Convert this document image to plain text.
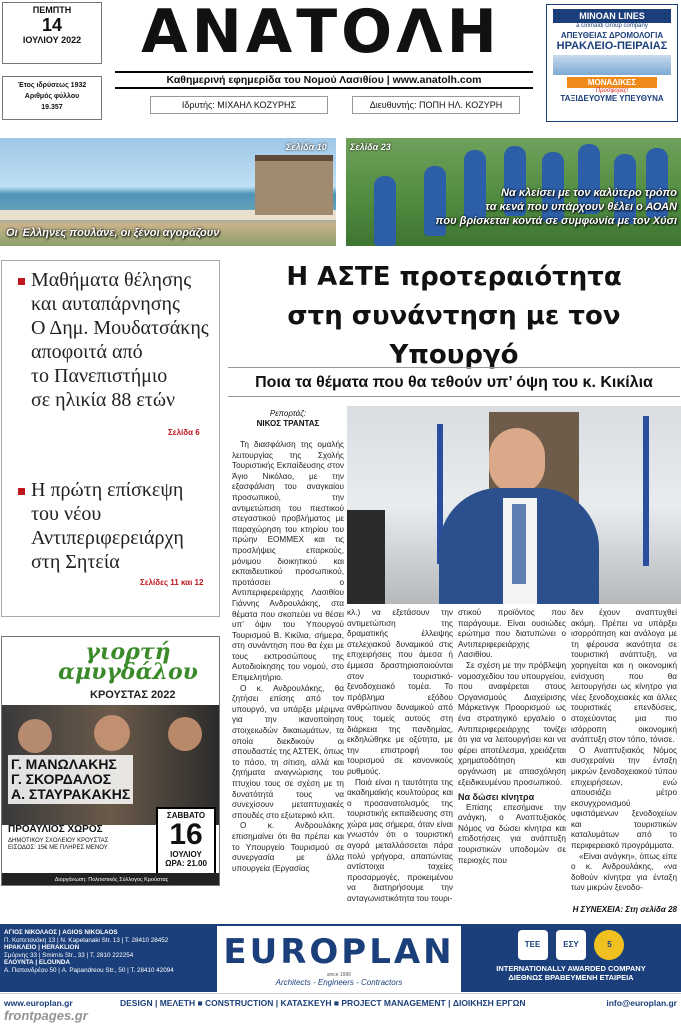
ΠΕΜΠΤΗ
14
ΙΟΥΛΙΟΥ 2022
Έτος ιδρύσεως 1932
Αριθμός φύλλου
19.357
ΑΝΑΤΟΛΗ
Καθημερινή εφημερίδα του Νομού Λασιθίου | www.anatolh.com
Ιδρυτής: ΜΙΧΑΗΛ ΚΟΖΥΡΗΣ	Διευθυντής: ΠΟΠΗ ΗΛ. ΚΟΖΥΡΗ
MINOAN LINES
a Grimaldi Group company
ΑΠΕΥΘΕΙΑΣ ΔΡΟΜΟΛΟΓΙΑ
ΗΡΑΚΛΕΙΟ-ΠΕΙΡΑΙΑΣ
ΜΟΝΑΔΙΚΕΣ
Προσφορές!
ΤΑΞΙΔΕΥΟΥΜΕ ΥΠΕΥΘΥΝΑ
Σελίδα 10
Οι Έλληνες πουλάνε, οι ξένοι αγοράζουν
Σελίδα 23
Να κλείσει με τον καλύτερο τρόπο
τα κενά που υπάρχουν θέλει ο ΑΟΑΝ
που βρίσκεται κοντά σε συμφωνία με τον Χύσι
Μαθήματα θέλησης
και αυταπάρνησης
Ο Δημ. Μουδατσάκης
αποφοιτά από
το Πανεπιστήμιο
σε ηλικία 88 ετών
Σελίδα 6
Η πρώτη επίσκεψη
του νέου
Αντιπεριφερειάρχη
στη Σητεία
Σελίδες 11 και 12
Η ΑΣΤΕ προτεραιότητα
στη συνάντηση με τον Υπουργό
Ποια τα θέματα που θα τεθούν υπ’ όψη του κ. Κικίλια
Ρεπορτάζ:
ΝΙΚΟΣ ΤΡΑΝΤΑΣ

Τη διασφάλιση της ομαλής λειτουργίας της Σχολής Τουριστικής Εκπαίδευσης στον Άγιο Νικόλαο, με την εξασφάλιση του αναγκαίου προσωπικού, την αντιμετώπιση του πιεστικού στεγαστικού προβλήματος με παραχώρηση του κτηρίου του πρώην ΕΟΜΜΕΧ και τις προσλήψεις επαρκούς, μόνιμου διοικητικού και εκπαιδευτικού προσωπικού, προτάσσει ο Αντιπεριφερειάρχης Λασιθίου Γιάννης Ανδρουλάκης, στα θέματα που σκοπεύει να θέσει υπ’ όψιν του Υπουργού Τουρισμού Β. Κικίλια, σήμερα, στη συνάντηση που θα έχει με τους εκπροσώπους της Αυτοδιοίκησης του νομού, στο Επιμελητήριο.

Ο κ. Ανδρουλάκης, θα ζητήσει επίσης από τον υπουργό, να υπάρξει μέριμνα για την ικανοποίηση στοιχειωδών δικαιωμάτων, τα οποία διεκδικούν οι σπουδαστές της ΑΣΤΕΚ, όπως το πάσο, τη σίτιση, αλλά και ζητήματα αναγνώρισης του πτυχίου τους σε σχέση με τη δυνατότητά τους να συνεχίσουν μεταπτυχιακές σπουδές στο εξωτερικό κλπ.

Ο κ. Ανδρουλάκης επισημαίνει ότι θα πρέπει και το Υπουργείο Τουρισμού σε συνεργασία με άλλα υπουργεία (Εργασίας

κλ.) να εξετάσουν την αντιμετώπιση της δραματικής έλλειψης στελεχιακού δυναμικού στις επιχειρήσεις που άμεσα ή έμμεσα δραστηριοποιούνται στον τουριστικό- ξενοδοχειακό τομέα. Το πρόβλημα εξόδου ανθρώπινου δυναμικού από τους τομείς αυτούς στη διάρκεια της πανδημίας, εκδηλώθηκε με οξύτητα, με την επιστροφή του τουρισμού σε κανονικούς ρυθμούς.

Ποιά είναι η ταυτότητα της ακαδημαϊκής κουλτούρας και ο προσανατολισμός της τουριστικής εκπαίδευσης στη χώρα μας σήμερα, όταν είναι γνωστόν ότι ο τουριστική αγορά μεταλλάσσεται πάρα πολύ γρήγορα, απαιτώντας αντίστοιχα ταχείες προσαρμογές, προκειμένου να διατηρήσουμε την ανταγωνιστικότητα του τουρι-

στικού προϊόντος που παράγουμε. Είναι ουσιώδες ερώτημα που διατυπώνει ο Αντιπεριφερειάρχης Λασιθίου.

Σε σχέση με την πρόβλεψη νομοσχεδίου του υπουργείου, που αναφέρεται στους Οργανισμούς Διαχείρισης Μάρκετινγκ Προορισμού ως ένα στρατηγικό εργαλείο ο Αντιπεριφερειάρχης τονίζει ότι για να λειτουργήσει και να φέρει αποτέλεσμα, χρειάζεται χρηματοδότηση και οργάνωση με απασχόληση εξειδικευμένου προσωπικού.

Να δώσει κίνητρα

Επίσης επεσήμανε την ανάγκη, ο Αναπτυξιακός Νόμος να δώσει κίνητρα και επιδοτήσεις για ανάπτυξη τουριστικών υποδομών σε περιοχές που

δεν έχουν αναπτυχθεί ακόμη. Πρέπει να υπάρξει ισορρόπηση και ανάλογα με τη φέρουσα ικανότητα σε τουριστική ανάπτυξη, να χορηγείται και η οικονομική ενίσχυση που θα λειτουργήσει ως κίνητρο για νέες ξενοδοχειακές και άλλες τουριστικές επενδύσεις, στοχεύοντας μια πιο ισόρροπη οικονομική ανάπτυξη στον τόπο, τόνισε.

Ο Αναπτυξιακός Νόμος συσχεραίνει την ένταξη μικρών ξενοδοχειακού τύπου επιχειρήσεων, ενώ απουσιάζει μέτρο εκσυγχρονισμού υφιστάμενων ξενοδοχείων και τουριστικών καταλυμάτων από το περιφερειακό προγράμματα.

«Είναι ανάγκη», όπως είπε ο κ. Ανδρουλάκης, «να δοθούν κίνητρα για ένταξη των μικρών ξενοδο-

Η ΣΥΝΕΧΕΙΑ: Στη σελίδα 28
γιορτή
αμυγδάλου
ΚΡΟΥΣΤΑΣ 2022
Γ. ΜΑΝΩΛΑΚΗΣ
Γ. ΣΚΟΡΔΑΛΟΣ
Α. ΣΤΑΥΡΑΚΑΚΗΣ
ΠΡΟΑΥΛΙΟΣ ΧΩΡΟΣ
ΔΗΜΟΤΙΚΟΥ ΣΧΟΛΕΙΟΥ ΚΡΟΥΣΤΑΣ
ΕΙΣΟΔΟΣ: 15€ ΜΕ ΠΛΗΡΕΣ ΜΕΝΟΥ
ΣΑΒΒΑΤΟ
16
ΙΟΥΛΙΟΥ
ΩΡΑ: 21.00
Διοργάνωση: Πολιτιστικός Σύλλογος Κρούστας
ΑΓΙΟΣ ΝΙΚΟΛΑΟΣ | AGIOS NIKOLAOS
Π. Καπετανάκη 13 | Ν. Kapetanaki Str. 13 | T. 28410 28452
ΗΡΑΚΛΕΙΟ | HERAKLION
Σμύρνης 33 | Smirnis Str., 33 | T. 2810 222254
ΕΛΟΥΝΤΑ | ELOUNDA
Α. Παπανδρέου 50 | A. Papandreou Str., 50 | T. 28410 42094	EUROPLAN
since 1996
Architects - Engineers - Contractors
ΤΕΕ	ΕΣΥ	5
INTERNATIONALLY AWARDED COMPANY
ΔΙΕΘΝΩΣ ΒΡΑΒΕΥΜΕΝΗ ΕΤΑΙΡΕΙΑ
www.europlan.gr	DESIGN | ΜΕΛΕΤΗ ■ CONSTRUCTION | ΚΑΤΑΣΚΕΥΗ ■ PROJECT MANAGEMENT | ΔΙΟΙΚΗΣΗ ΕΡΓΩΝ	info@europlan.gr
frontpages.gr
